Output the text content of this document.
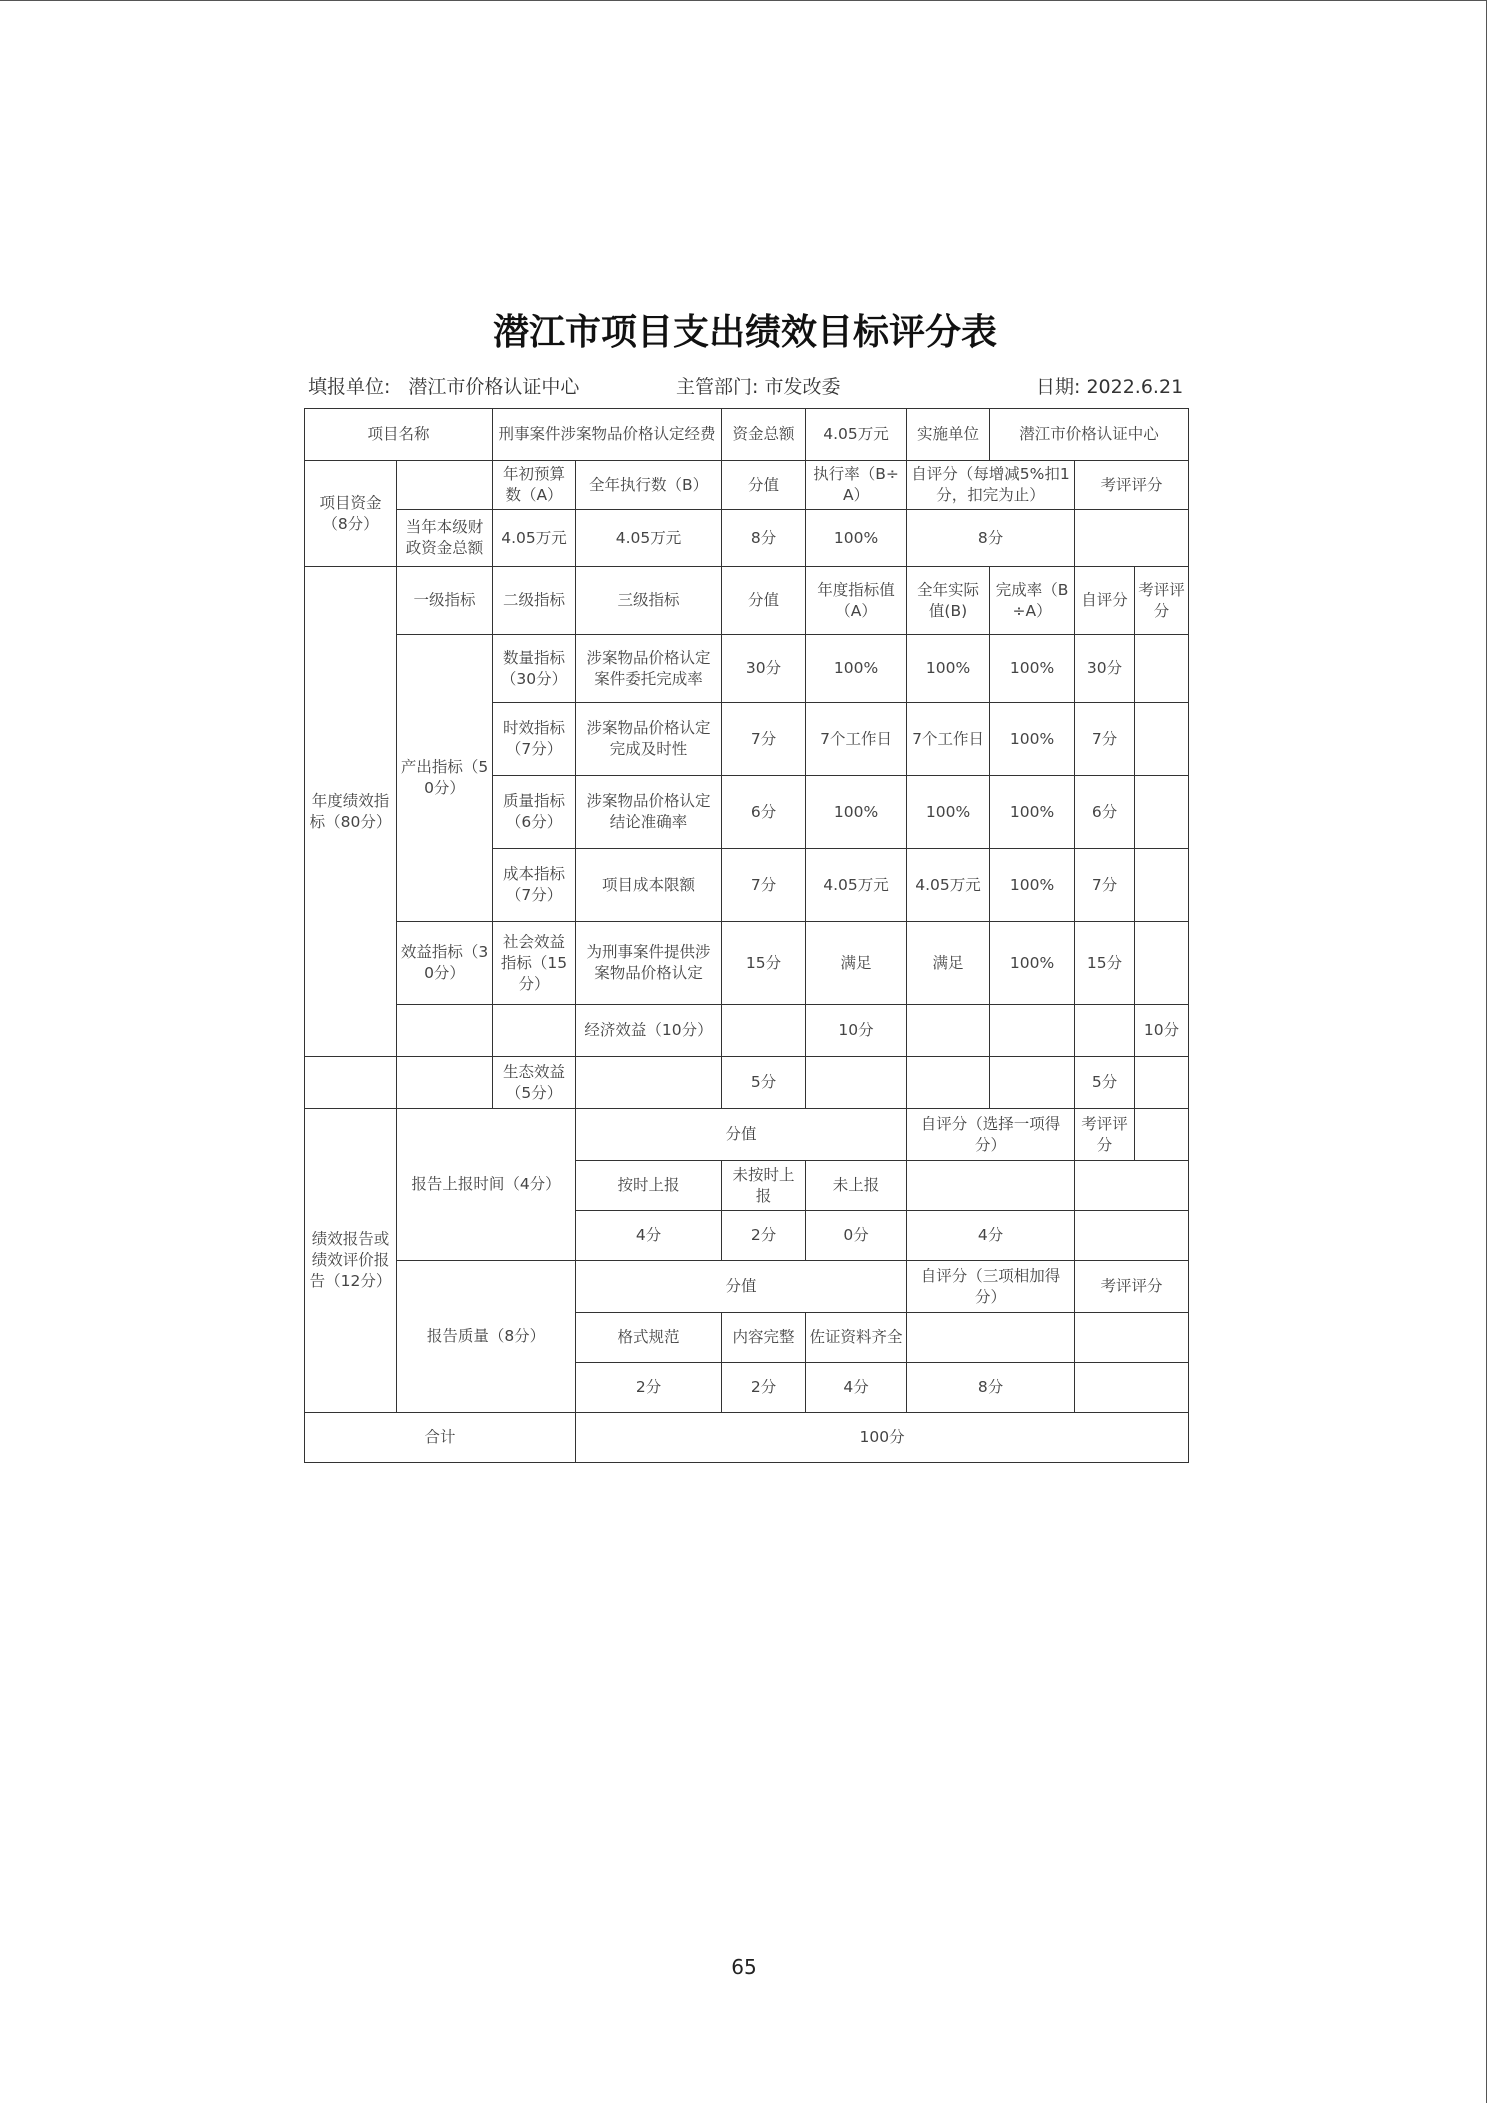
潜江市项目支出绩效目标评分表
填报单位: 潜江市价格认证中心	主管部门: 市发改委	日期: 2022.6.21
项目名称		刑事案件涉案物品价格认定经费		资金总额	4.05万元	实施单位	潜江市价格认证中心			
项目资金（8分）		年初预算数（A）	全年执行数（B）	分值	执行率（B÷A）	自评分（每增减5%扣1分，扣完为止）		考评评分		
	当年本级财政资金总额	4.05万元	4.05万元	8分	100%	8分				
年度绩效指标（80分）	一级指标	二级指标	三级指标	分值	年度指标值（A）	全年实际值(B)	完成率（B÷A）	自评分	考评评分	
	产出指标（50分）	数量指标（30分）	涉案物品价格认定案件委托完成率	30分	100%	100%	100%	30分		
		时效指标（7分）	涉案物品价格认定完成及时性	7分	7个工作日	7个工作日	100%	7分		
		质量指标（6分）	涉案物品价格认定结论准确率	6分	100%	100%	100%	6分		
		成本指标（7分）	项目成本限额	7分	4.05万元	4.05万元	100%	7分		
	效益指标（30分）	社会效益指标（15分）	为刑事案件提供涉案物品价格认定	15分	满足	满足	100%	15分		
			经济效益（10分）		10分				10分	
		生态效益（5分）		5分				5分		
绩效报告或绩效评价报告（12分）	报告上报时间（4分）		分值			自评分（选择一项得分）		考评评分		
			按时上报	未按时上报	未上报					
			4分	2分	0分	4分				
	报告质量（8分）		分值			自评分（三项相加得分）		考评评分		
			格式规范	内容完整	佐证资料齐全					
			2分	2分	4分	8分				
合计			100分							
65
